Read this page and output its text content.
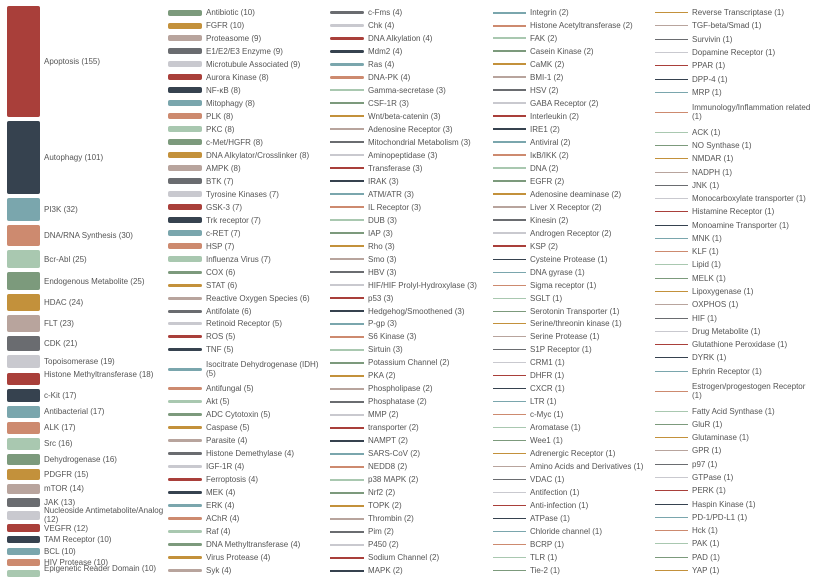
Apoptosis (155)
Autophagy (101)
PI3K (32)
DNA/RNA Synthesis (30)
Bcr-Abl (25)
Endogenous Metabolite (25)
HDAC (24)
FLT (23)
CDK (21)
Topoisomerase (19)
Histone Methyltransferase (18)
c-Kit (17)
Antibacterial (17)
ALK (17)
Src (16)
Dehydrogenase (16)
PDGFR (15)
mTOR (14)
JAK (13)
Nucleoside Antimetabolite/Analog (12)
VEGFR (12)
TAM Receptor (10)
BCL (10)
HIV Protease (10)
Epigenetic Reader Domain (10)
Antibiotic (10)
FGFR (10)
Proteasome (9)
E1/E2/E3 Enzyme (9)
Microtubule Associated (9)
Aurora Kinase (8)
NF-κB (8)
Mitophagy (8)
PLK (8)
PKC (8)
c-Met/HGFR (8)
DNA Alkylator/Crosslinker (8)
AMPK (8)
BTK (7)
Tyrosine Kinases (7)
GSK-3 (7)
Trk receptor (7)
c-RET (7)
HSP (7)
Influenza Virus (7)
COX (6)
STAT (6)
Reactive Oxygen Species (6)
Antifolate (6)
Retinoid Receptor (5)
ROS (5)
TNF (5)
Isocitrate Dehydrogenase (IDH) (5)
Antifungal (5)
Akt (5)
ADC Cytotoxin (5)
Caspase (5)
Parasite (4)
Histone Demethylase (4)
IGF-1R (4)
Ferroptosis (4)
MEK (4)
ERK (4)
AChR (4)
Raf (4)
DNA Methyltransferase (4)
Virus Protease (4)
Syk (4)
c-Fms (4)
Chk (4)
DNA Alkylation (4)
Mdm2 (4)
Ras (4)
DNA-PK (4)
Gamma-secretase (3)
CSF-1R (3)
Wnt/beta-catenin (3)
Adenosine Receptor (3)
Mitochondrial Metabolism (3)
Aminopeptidase (3)
Transferase (3)
IRAK (3)
ATM/ATR (3)
IL Receptor (3)
DUB (3)
IAP (3)
Rho (3)
Smo (3)
HBV (3)
HIF/HIF Prolyl-Hydroxylase (3)
p53 (3)
Hedgehog/Smoothened (3)
P-gp (3)
S6 Kinase (3)
Sirtuin (3)
Potassium Channel (2)
PKA (2)
Phospholipase (2)
Phosphatase (2)
MMP (2)
transporter (2)
NAMPT (2)
SARS-CoV (2)
NEDD8 (2)
p38 MAPK (2)
Nrf2 (2)
TOPK (2)
Thrombin (2)
Pim (2)
P450 (2)
Sodium Channel (2)
MAPK (2)
Integrin (2)
Histone Acetyltransferase (2)
FAK (2)
Casein Kinase (2)
CaMK (2)
BMI-1 (2)
HSV (2)
GABA Receptor (2)
Interleukin (2)
IRE1 (2)
Antiviral (2)
IκB/IKK (2)
DNA (2)
EGFR (2)
Adenosine deaminase (2)
Liver X Receptor (2)
Kinesin (2)
Androgen Receptor (2)
KSP (2)
Cysteine Protease (1)
DNA gyrase (1)
Sigma receptor (1)
SGLT (1)
Serotonin Transporter (1)
Serine/threonin kinase (1)
Serine Protease (1)
S1P Receptor (1)
CRM1 (1)
DHFR (1)
CXCR (1)
LTR (1)
c-Myc (1)
Aromatase (1)
Wee1 (1)
Adrenergic Receptor (1)
Amino Acids and Derivatives (1)
VDAC (1)
Antifection (1)
Anti-infection (1)
ATPase (1)
Chloride channel (1)
BCRP (1)
TLR (1)
Tie-2 (1)
Reverse Transcriptase (1)
TGF-beta/Smad (1)
Survivin (1)
Dopamine Receptor (1)
PPAR (1)
DPP-4 (1)
MRP (1)
Immunology/Inflammation related (1)
ACK (1)
NO Synthase (1)
NMDAR (1)
NADPH (1)
JNK (1)
Monocarboxylate transporter (1)
Histamine Receptor (1)
Monoamine Transporter (1)
MNK (1)
KLF (1)
Lipid (1)
MELK (1)
Lipoxygenase (1)
OXPHOS (1)
HIF (1)
Drug Metabolite (1)
Glutathione Peroxidase (1)
DYRK (1)
Ephrin Receptor (1)
Estrogen/progestogen Receptor (1)
Fatty Acid Synthase (1)
GluR (1)
Glutaminase (1)
GPR (1)
p97 (1)
GTPase (1)
PERK (1)
Haspin Kinase (1)
PD-1/PD-L1 (1)
Hck (1)
PAK (1)
PAD (1)
YAP (1)
